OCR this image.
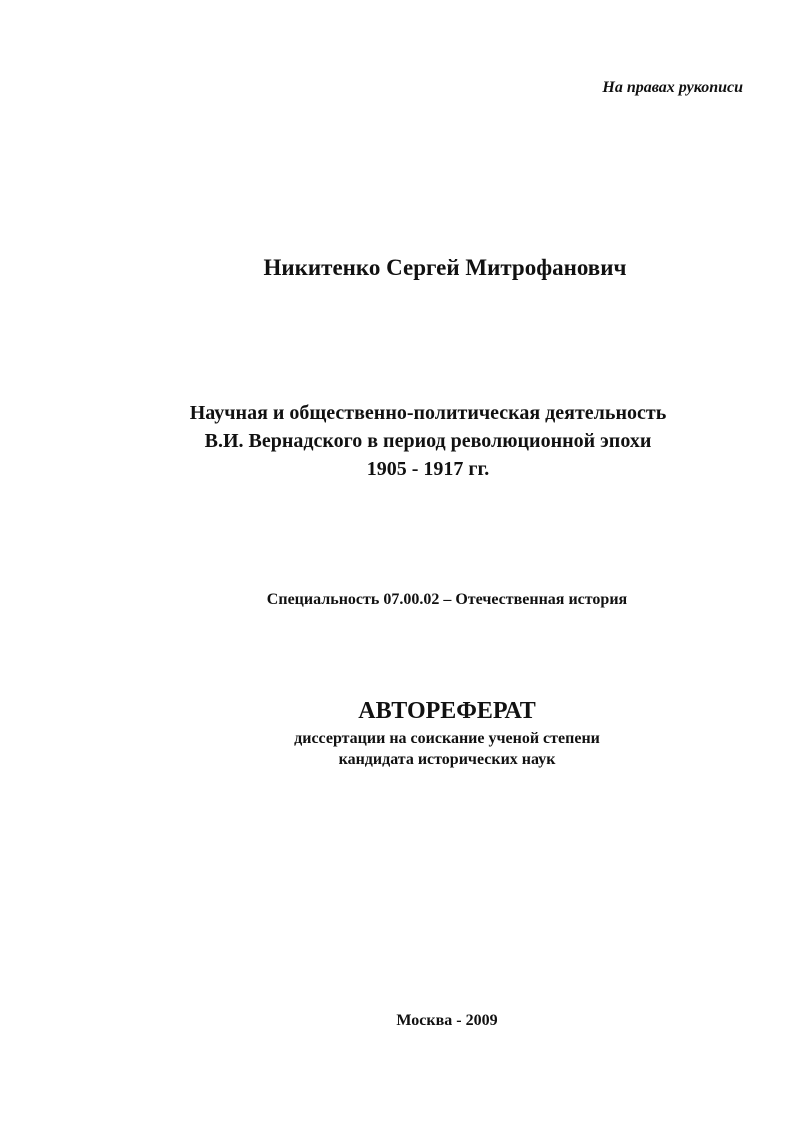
На правах рукописи
Никитенко Сергей Митрофанович
Научная и общественно-политическая деятельность
В.И. Вернадского в период революционной эпохи
1905 - 1917 гг.
Специальность 07.00.02 – Отечественная история
АВТОРЕФЕРАТ
диссертации на соискание ученой степени
кандидата исторических наук
Москва - 2009
